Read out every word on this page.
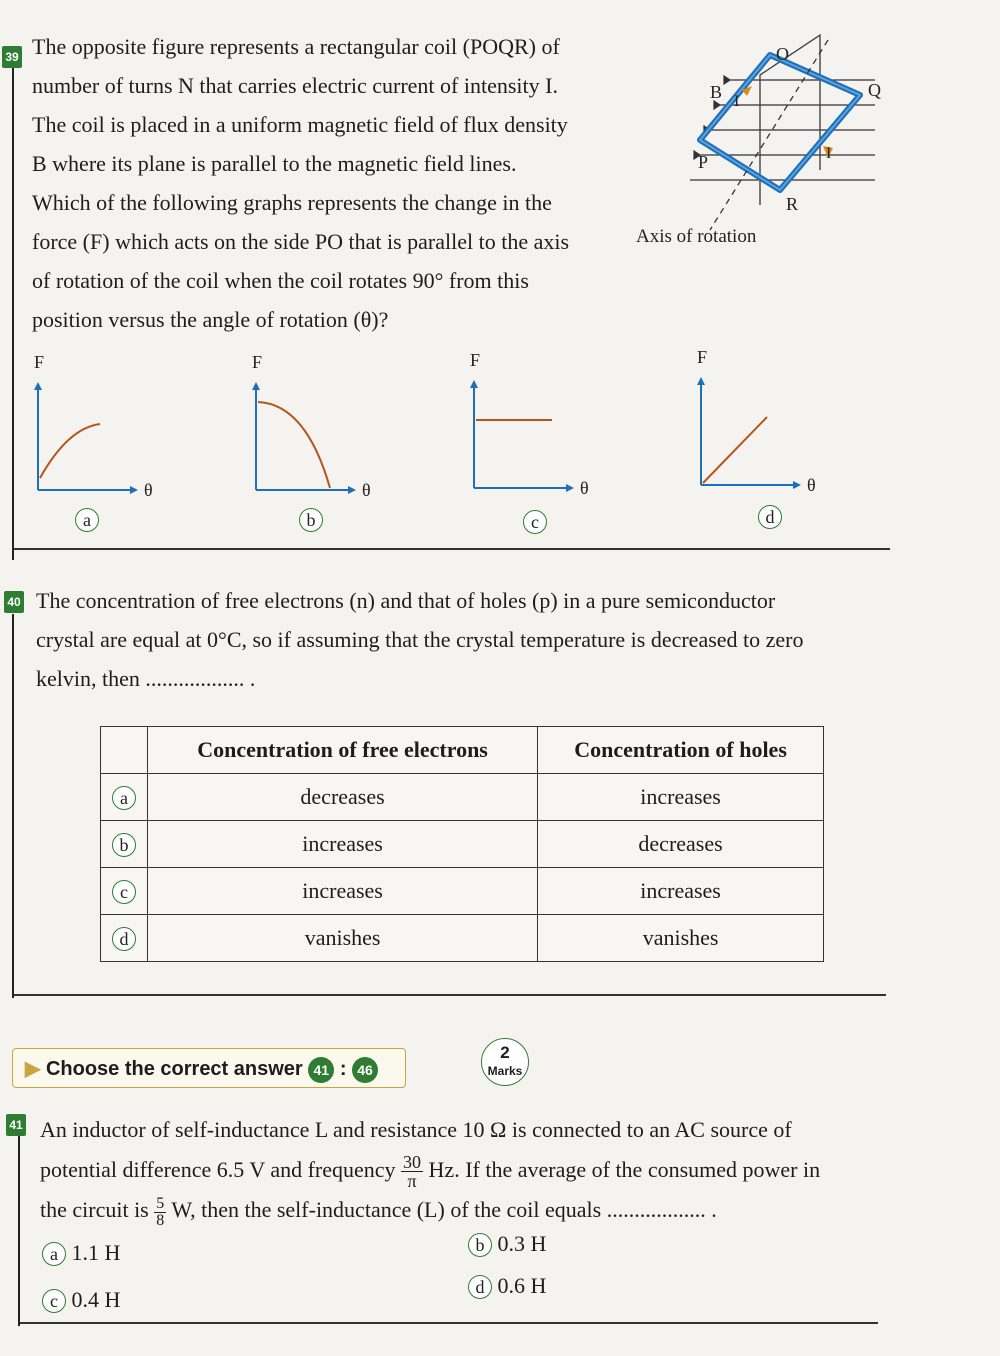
39 The opposite figure represents a rectangular coil (POQR) of
number of turns N that carries electric current of intensity I.
The coil is placed in a uniform magnetic field of flux density
B where its plane is parallel to the magnetic field lines.
Which of the following graphs represents the change in the
force (F) which acts on the side PO that is parallel to the axis
of rotation of the coil when the coil rotates 90° from this
position versus the angle of rotation (θ)?
O
Q
B I
I
P
R
Axis of rotation
F
θ
F
θ
F
θ
F
θ
a	b	c	d
40 The concentration of free electrons (n) and that of holes (p) in a pure semiconductor
crystal are equal at 0°C, so if assuming that the crystal temperature is decreased to zero
kelvin, then .................. .
	Concentration of free electrons	Concentration of holes
a	decreases	increases
b	increases	decreases
c	increases	increases
d	vanishes	vanishes
▶ Choose the correct answer 41 : 46
2
Marks
41 An inductor of self-inductance L and resistance 10 Ω is connected to an AC source of
potential difference 6.5 V and frequency $\frac{30}{\pi} Hz$. If the average of the consumed power in
the circuit is $\frac{5}{8} W$, then the self-inductance (L) of the coil equals .................. .
a 1.1 H	b 0.3 H
c 0.4 H	d 0.6 H
